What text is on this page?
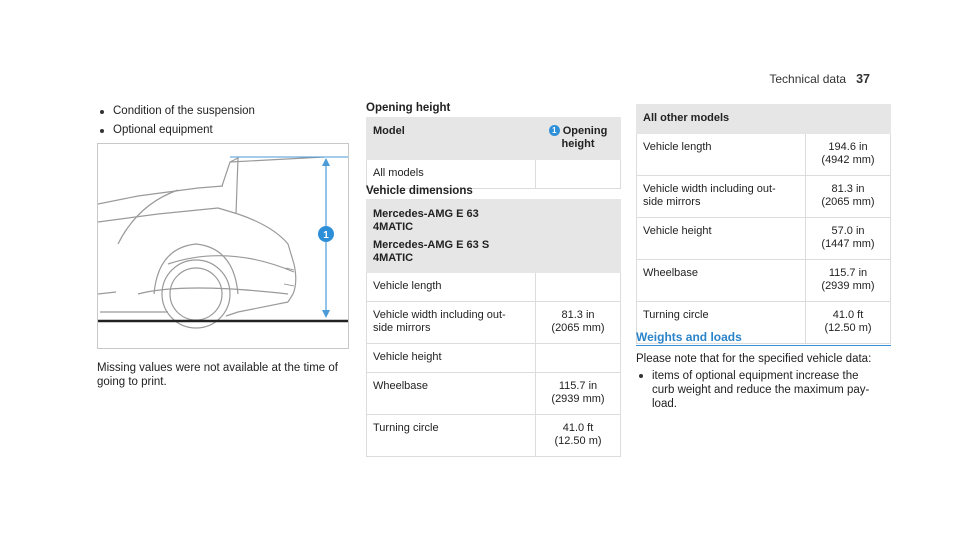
Technical data 37
Condition of the suspension
Optional equipment
1
Missing values were not available at the time of going to print.
Opening height
Model	1 Opening
height
All models	
Vehicle dimensions
Mercedes-AMG E 63
4MATIC
Mercedes-AMG E 63 S
4MATIC	

Vehicle length	

Vehicle width including out-
side mirrors	81.3 in
(2065 mm)

Vehicle height	

Wheelbase	115.7 in
(2939 mm)

Turning circle	41.0 ft
(12.50 m)
All other models	

Vehicle length	194.6 in
(4942 mm)

Vehicle width including out-
side mirrors	81.3 in
(2065 mm)

Vehicle height	57.0 in
(1447 mm)

Wheelbase	115.7 in
(2939 mm)

Turning circle	41.0 ft
(12.50 m)
Weights and loads
Please note that for the specified vehicle data:
items of optional equipment increase the
curb weight and reduce the maximum pay-
load.
